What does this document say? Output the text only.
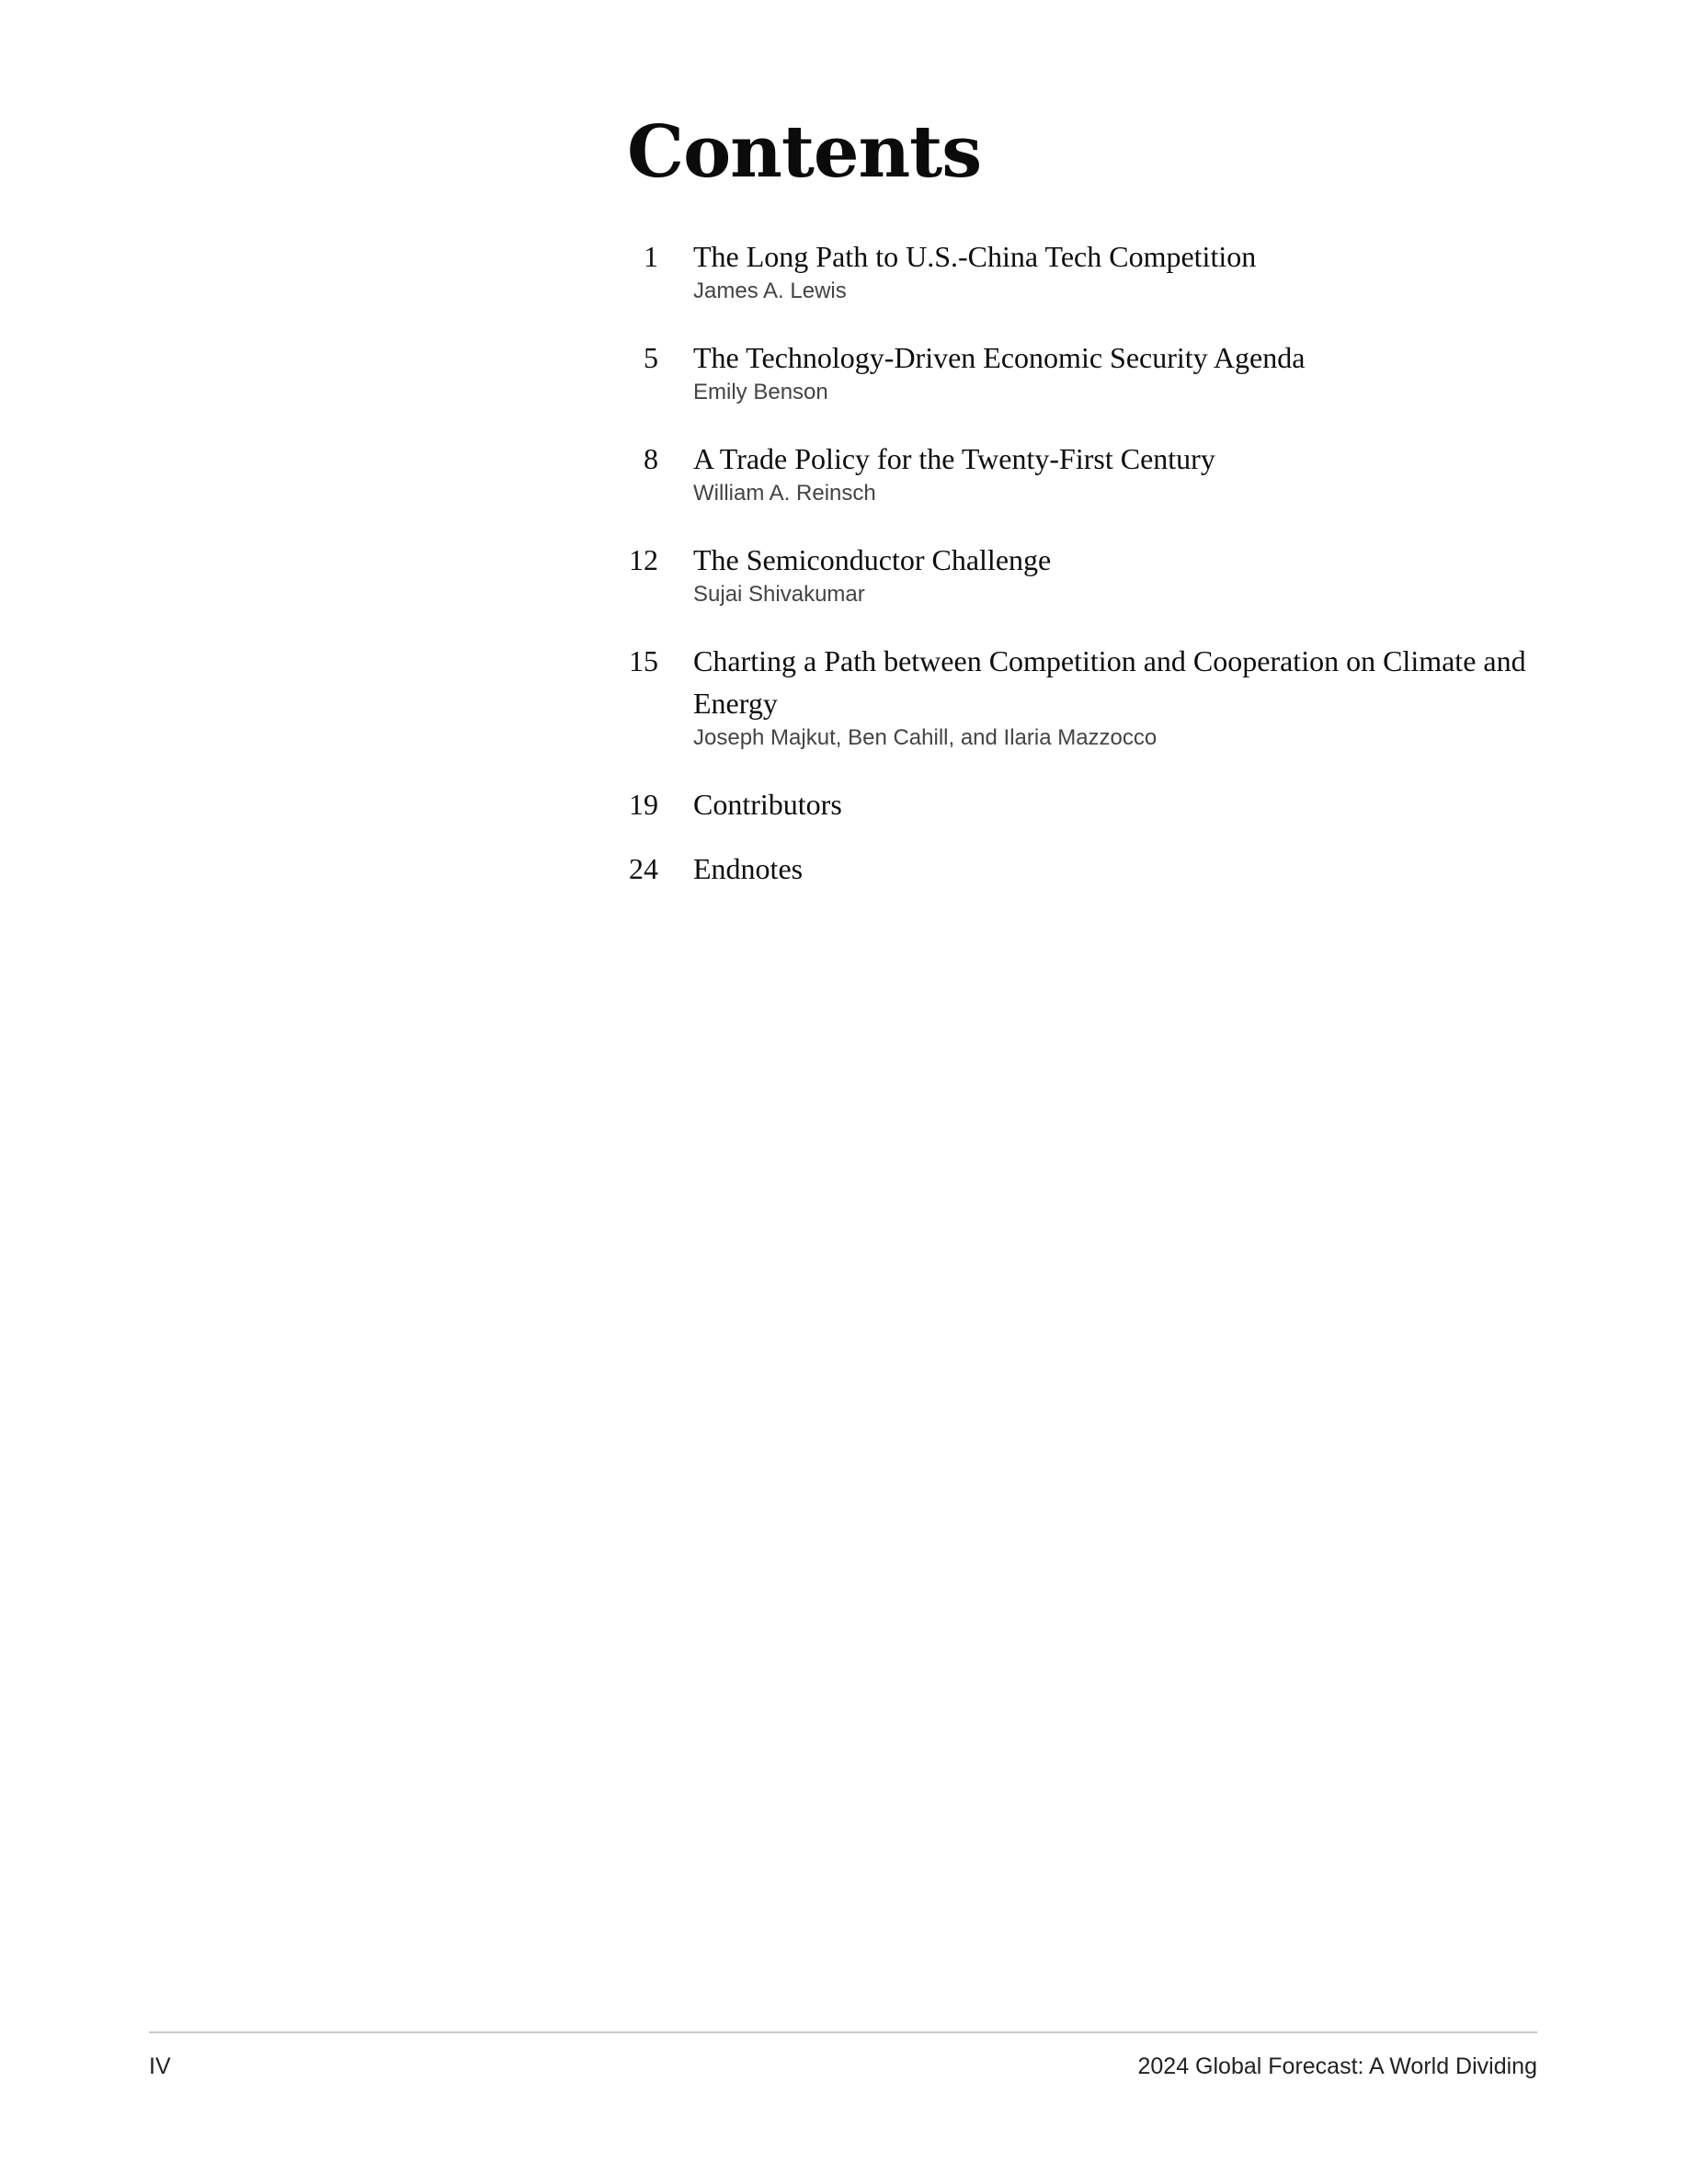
Contents
1 The Long Path to U.S.-China Tech Competition
James A. Lewis
5 The Technology-Driven Economic Security Agenda
Emily Benson
8 A Trade Policy for the Twenty-First Century
William A. Reinsch
12 The Semiconductor Challenge
Sujai Shivakumar
15 Charting a Path between Competition and Cooperation on Climate and Energy
Joseph Majkut, Ben Cahill, and Ilaria Mazzocco
19 Contributors
24 Endnotes
IV	2024 Global Forecast: A World Dividing
